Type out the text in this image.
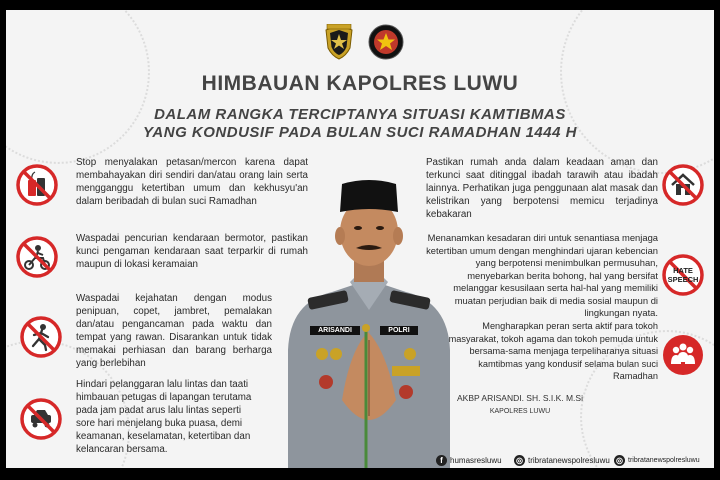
HIMBAUAN KAPOLRES LUWU
DALAM RANGKA TERCIPTANYA SITUASI KAMTIBMAS
YANG KONDUSIF PADA BULAN SUCI RAMADHAN 1444 H
Stop menyalakan petasan/mercon karena dapat membahayakan diri sendiri dan/atau orang lain serta mengganggu ketertiban umum dan kekhusyu'an dalam beribadah di bulan suci Ramadhan
Waspadai pencurian kendaraan bermotor, pastikan kunci pengaman kendaraan saat terparkir di rumah maupun di lokasi keramaian
Waspadai kejahatan dengan modus penipuan, copet, jambret, pemalakan dan/atau pengancaman pada waktu dan tempat yang rawan. Disarankan untuk tidak memakai perhiasan dan barang berharga yang berlebihan
Hindari pelanggaran lalu lintas dan taati himbauan petugas di lapangan terutama pada jam padat arus lalu lintas seperti sore hari menjelang buka puasa, demi keamanan, keselamatan, ketertiban dan kelancaran bersama.
Pastikan rumah anda dalam keadaan aman dan terkunci saat ditinggal ibadah tarawih atau ibadah lainnya. Perhatikan juga penggunaan alat masak dan kelistrikan yang berpotensi memicu terjadinya kebakaran
Menanamkan kesadaran diri untuk senantiasa menjaga ketertiban umum dengan menghindari ujaran kebencian yang berpotensi menimbulkan permusuhan, menyebarkan berita bohong, hal yang bersifat melanggar kesusilaan serta hal-hal yang memiliki muatan perjudian baik di media sosial maupun di lingkungan nyata.
Mengharapkan peran serta aktif para tokoh masyarakat, tokoh agama dan tokoh pemuda untuk bersama-sama menjaga terpeliharanya situasi kamtibmas yang kondusif selama bulan suci Ramadhan
HATE SPEECH
ARISANDI	POLRI
AKBP ARISANDI. SH. S.I.K. M.Si
KAPOLRES LUWU
f humasresluwu ◎ tribratanewspolresluwu ◎ tribratanewspolresluwu
